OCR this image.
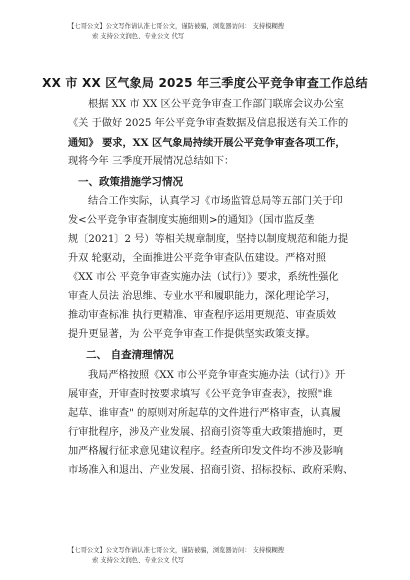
【七哥公文】公文写作请认准七哥公文，谨防被骗，浏览器访问： 支持模糊搜
索 支持公文润色、专业公文 代写
XX 市 XX 区气象局 2025 年三季度公平竞争审查工作总结
根据 XX 市 XX 区公平竞争审查工作部门联席会议办公室
《关 于做好 2025 年公平竞争审查数据及信息报送有关工作的
通知》 要求，XX 区气象局持续开展公平竞争审查各项工作，
现将今年 三季度开展情况总结如下：
一、政策措施学习情况
结合工作实际，认真学习《市场监管总局等五部门关于印
发<公平竞争审查制度实施细则>的通知》（国市监反垄
规〔2021〕2 号）等相关规章制度，坚持以制度规范和能力提
升双 轮驱动，全面推进公平竞争审查队伍建设。严格对照
《XX 市公 平竞争审查实施办法（试行）》要求，系统性强化
审查人员法 治思维、专业水平和履职能力，深化理论学习，
推动审查标准 执行更精准、审查程序运用更规范、审查质效
提升更显著，为 公平竞争审查工作提供坚实政策支撑。
二、 自查清理情况
我局严格按照《XX 市公平竞争审查实施办法（试行）》开
展审查，开审查时按要求填写《公平竞争审查表》，按照"谁
起草、谁审查" 的原则对所起草的文件进行严格审查，认真履
行审批程序，涉及产业发展、招商引资等重大政策措施时，更
加严格履行征求意见建议程序。经查所印发文件均不涉及影响
市场准入和退出、产业发展、招商引资、招标投标、政府采购、
【七哥公文】公文写作请认准七哥公文，谨防被骗，浏览器访问： 支持模糊搜
索 支持公文润色、专业公文 代写
